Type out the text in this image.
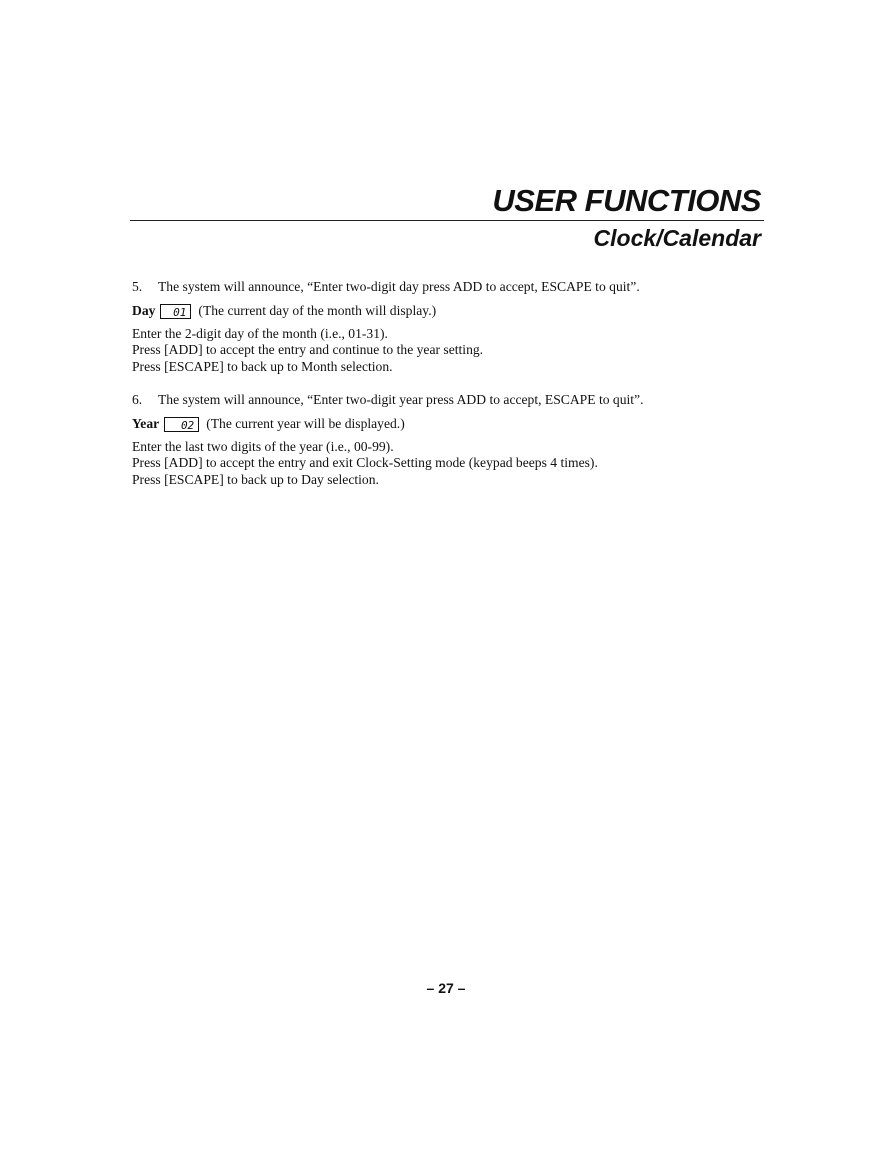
USER FUNCTIONS
Clock/Calendar

5. The system will announce, “Enter two-digit day press ADD to accept, ESCAPE to quit”.

Day	01 (The current day of the month will display.)

Enter the 2-digit day of the month (i.e., 01-31).

Press [ADD] to accept the entry and continue to the year setting.

Press [ESCAPE] to back up to Month selection.

6. The system will announce, “Enter two-digit year press ADD to accept, ESCAPE to quit”.

Year	02 (The current year will be displayed.)

Enter the last two digits of the year (i.e., 00-99).

Press [ADD] to accept the entry and exit Clock-Setting mode (keypad beeps 4 times).

Press [ESCAPE] to back up to Day selection.

– 27 –
